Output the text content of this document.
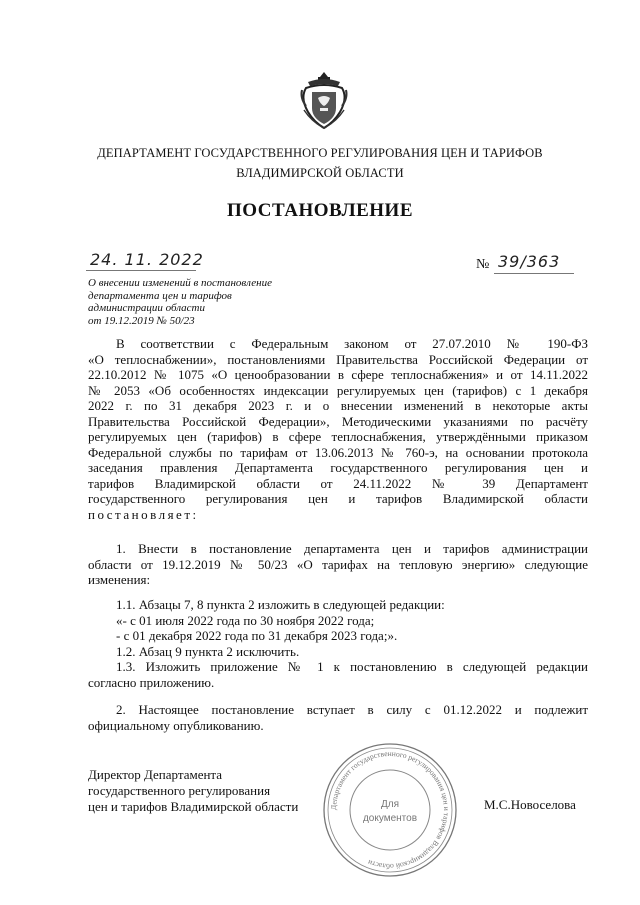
ДЕПАРТАМЕНТ ГОСУДАРСТВЕННОГО РЕГУЛИРОВАНИЯ ЦЕН И ТАРИФОВ
ВЛАДИМИРСКОЙ ОБЛАСТИ
ПОСТАНОВЛЕНИЕ
24. 11. 2022	№ 39/363
О внесении изменений в постановление
департамента цен и тарифов
администрации области
от 19.12.2019 № 50/23
В соответствии с Федеральным законом от 27.07.2010 № 190-ФЗ
«О теплоснабжении», постановлениями Правительства Российской Федерации от
22.10.2012 № 1075 «О ценообразовании в сфере теплоснабжения» и от 14.11.2022
№ 2053 «Об особенностях индексации регулируемых цен (тарифов) с 1 декабря
2022 г. по 31 декабря 2023 г. и о внесении изменений в некоторые акты
Правительства Российской Федерации», Методическими указаниями по расчёту
регулируемых цен (тарифов) в сфере теплоснабжения, утверждёнными приказом
Федеральной службы по тарифам от 13.06.2013 № 760-э, на основании протокола
заседания правления Департамента государственного регулирования цен и
тарифов Владимирской области от 24.11.2022 № 39 Департамент
государственного регулирования цен и тарифов Владимирской области
постановляет:
1. Внести в постановление департамента цен и тарифов администрации
области от 19.12.2019 № 50/23 «О тарифах на тепловую энергию» следующие
изменения:
1.1. Абзацы 7, 8 пункта 2 изложить в следующей редакции:
«- с 01 июля 2022 года по 30 ноября 2022 года;
- с 01 декабря 2022 года по 31 декабря 2023 года;».
1.2. Абзац 9 пункта 2 исключить.
1.3. Изложить приложение № 1 к постановлению в следующей редакции
согласно приложению.
2. Настоящее постановление вступает в силу с 01.12.2022 и подлежит
официальному опубликованию.
Директор Департамента
государственного регулирования
цен и тарифов Владимирской области	М.С.Новоселова
Департамент государственного регулирования цен и тарифов Владимирской области
Для
документов
